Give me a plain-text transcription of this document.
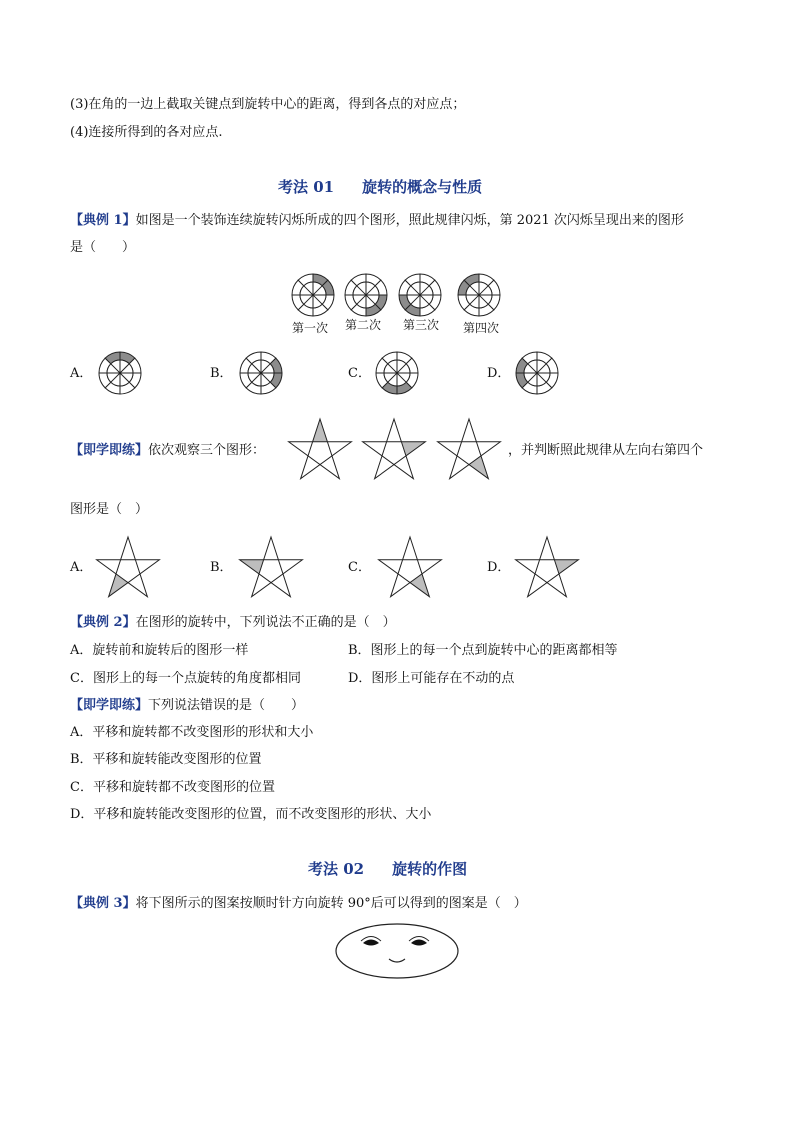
(3)在角的一边上截取关键点到旋转中心的距离，得到各点的对应点；
(4)连接所得到的各对应点.
考法 01 旋转的概念与性质
【典例 1】如图是一个装饰连续旋转闪烁所成的四个图形，照此规律闪烁，第 2021 次闪烁呈现出来的图形
是（　　）
第一次 第二次 第三次 第四次
A．	B．	C．	D．
【即学即练】依次观察三个图形：	，并判断照此规律从左向右第四个
图形是（　）
A．	B．	C．	D．
【典例 2】在图形的旋转中，下列说法不正确的是（　）
A．旋转前和旋转后的图形一样	B．图形上的每一个点到旋转中心的距离都相等
C．图形上的每一个点旋转的角度都相同	D．图形上可能存在不动的点
【即学即练】下列说法错误的是（　　）
A．平移和旋转都不改变图形的形状和大小
B．平移和旋转能改变图形的位置
C．平移和旋转都不改变图形的位置
D．平移和旋转能改变图形的位置，而不改变图形的形状、大小
考法 02 旋转的作图
【典例 3】将下图所示的图案按顺时针方向旋转 90°后可以得到的图案是（　）
